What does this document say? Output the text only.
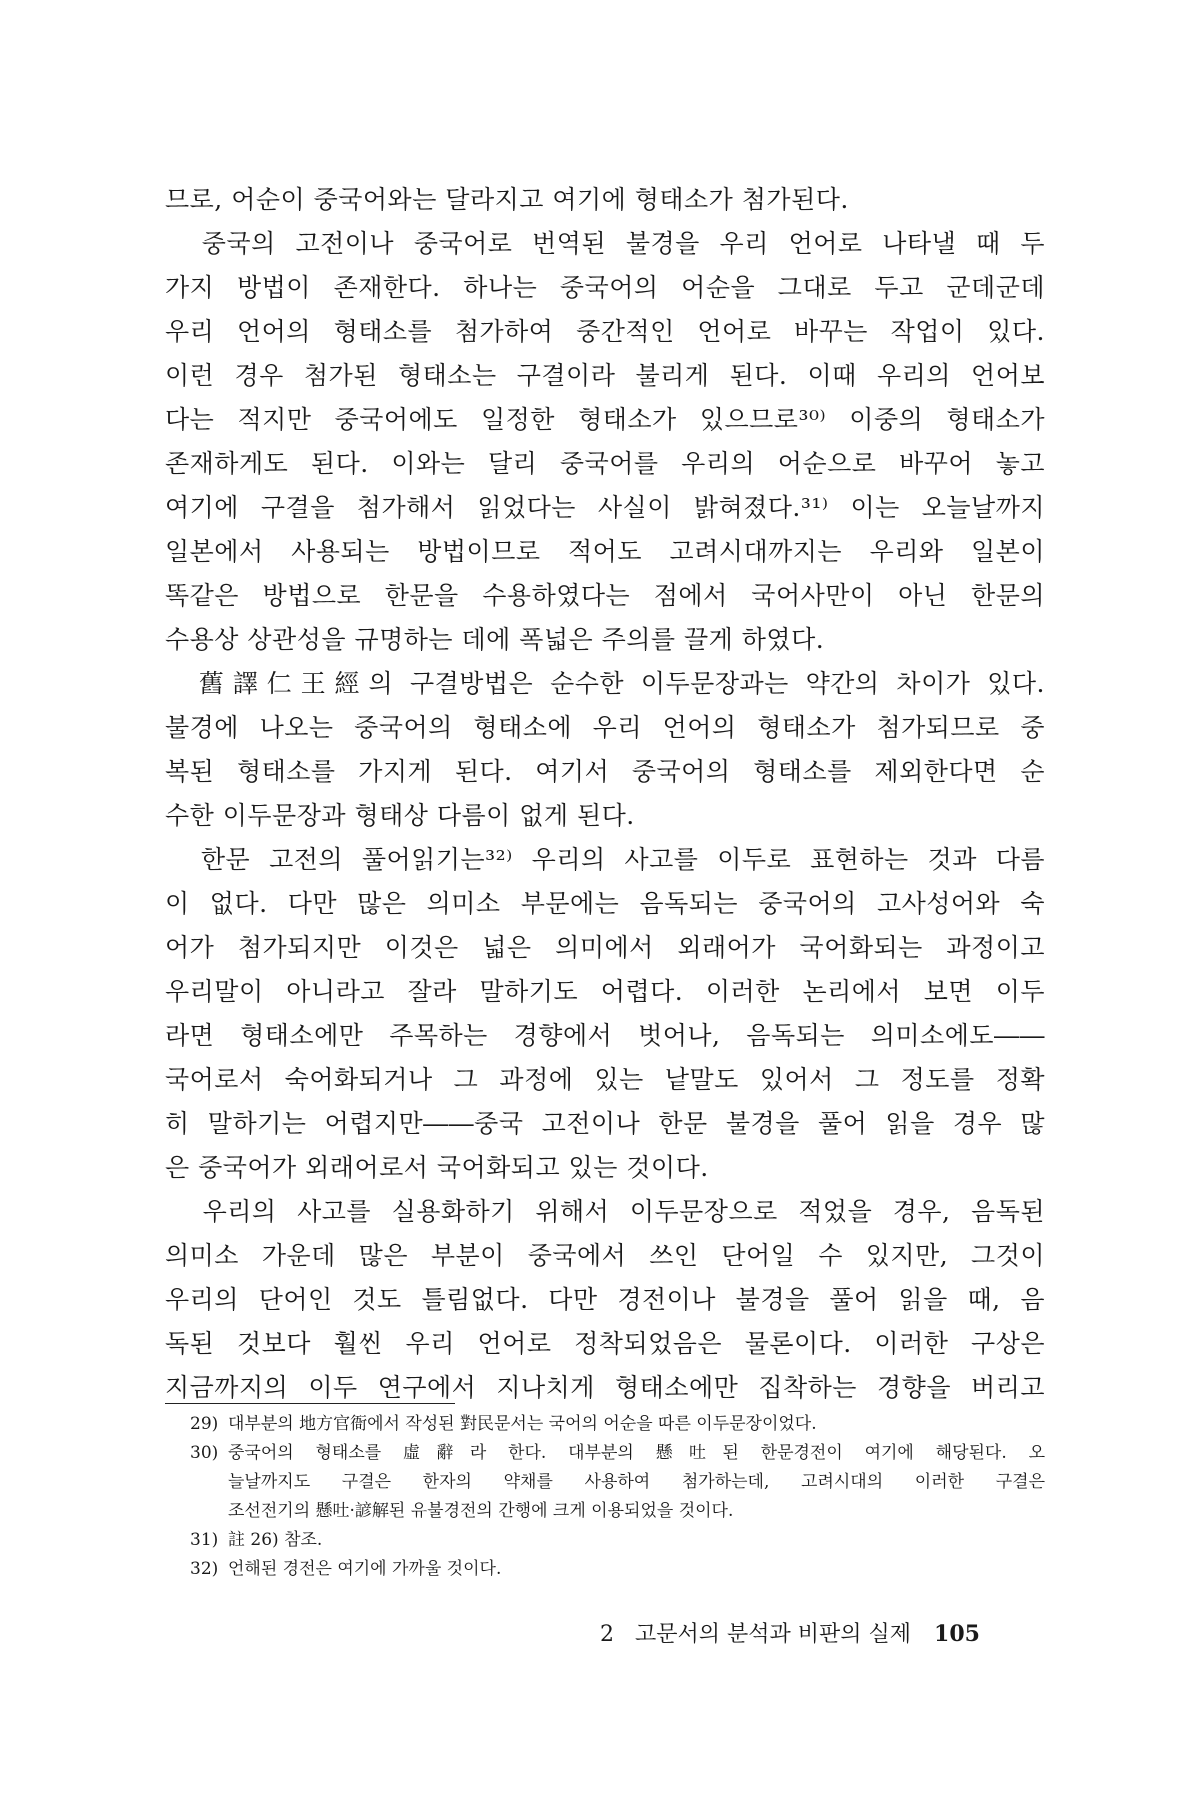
므로, 어순이 중국어와는 달라지고 여기에 형태소가 첨가된다.
　중국의 고전이나 중국어로 번역된 불경을 우리 언어로 나타낼 때 두
가지 방법이 존재한다. 하나는 중국어의 어순을 그대로 두고 군데군데
우리 언어의 형태소를 첨가하여 중간적인 언어로 바꾸는 작업이 있다.
이런 경우 첨가된 형태소는 구결이라 불리게 된다. 이때 우리의 언어보
다는 적지만 중국어에도 일정한 형태소가 있으므로³⁰⁾ 이중의 형태소가
존재하게도 된다. 이와는 달리 중국어를 우리의 어순으로 바꾸어 놓고
여기에 구결을 첨가해서 읽었다는 사실이 밝혀졌다.³¹⁾ 이는 오늘날까지
일본에서 사용되는 방법이므로 적어도 고려시대까지는 우리와 일본이
똑같은 방법으로 한문을 수용하였다는 점에서 국어사만이 아닌 한문의
수용상 상관성을 규명하는 데에 폭넓은 주의를 끌게 하였다.
　舊譯仁王經의 구결방법은 순수한 이두문장과는 약간의 차이가 있다.
불경에 나오는 중국어의 형태소에 우리 언어의 형태소가 첨가되므로 중
복된 형태소를 가지게 된다. 여기서 중국어의 형태소를 제외한다면 순
수한 이두문장과 형태상 다름이 없게 된다.
　한문 고전의 풀어읽기는³²⁾ 우리의 사고를 이두로 표현하는 것과 다름
이 없다. 다만 많은 의미소 부문에는 음독되는 중국어의 고사성어와 숙
어가 첨가되지만 이것은 넓은 의미에서 외래어가 국어화되는 과정이고
우리말이 아니라고 잘라 말하기도 어렵다. 이러한 논리에서 보면 이두
라면 형태소에만 주목하는 경향에서 벗어나, 음독되는 의미소에도――
국어로서 숙어화되거나 그 과정에 있는 낱말도 있어서 그 정도를 정확
히 말하기는 어렵지만――중국 고전이나 한문 불경을 풀어 읽을 경우 많
은 중국어가 외래어로서 국어화되고 있는 것이다.
　우리의 사고를 실용화하기 위해서 이두문장으로 적었을 경우, 음독된
의미소 가운데 많은 부분이 중국에서 쓰인 단어일 수 있지만, 그것이
우리의 단어인 것도 틀림없다. 다만 경전이나 불경을 풀어 읽을 때, 음
독된 것보다 훨씬 우리 언어로 정착되었음은 물론이다. 이러한 구상은
지금까지의 이두 연구에서 지나치게 형태소에만 집착하는 경향을 버리고
29) 대부분의 地方官衙에서 작성된 對民문서는 국어의 어순을 따른 이두문장이었다.
30) 중국어의 형태소를 虛辭라 한다. 대부분의 懸吐된 한문경전이 여기에 해당된다. 오
늘날까지도 구결은 한자의 약채를 사용하여 첨가하는데, 고려시대의 이러한 구결은
조선전기의 懸吐·諺解된 유불경전의 간행에 크게 이용되었을 것이다.
31) 註 26) 참조.
32) 언해된 경전은 여기에 가까울 것이다.
2 고문서의 분석과 비판의 실제 105
